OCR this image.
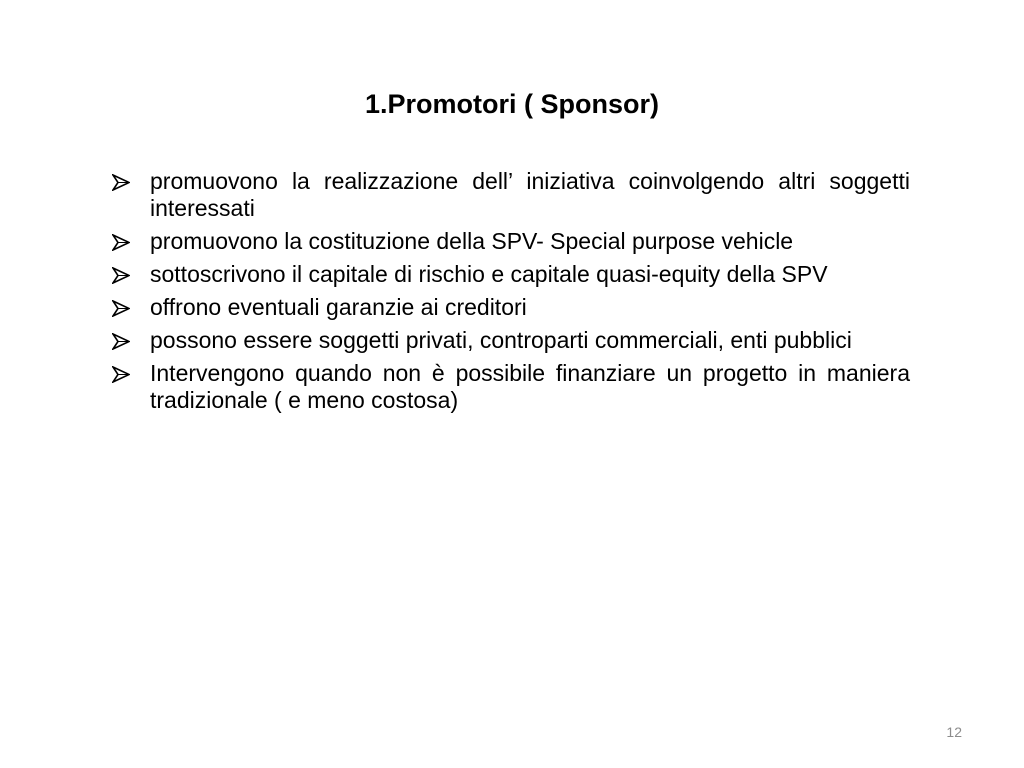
1.Promotori ( Sponsor)
promuovono la realizzazione dell’ iniziativa coinvolgendo altri soggetti interessati
promuovono la costituzione della SPV- Special purpose vehicle
sottoscrivono il capitale di rischio e capitale quasi-equity della SPV
offrono eventuali garanzie ai creditori
possono essere soggetti privati, controparti commerciali, enti pubblici
Intervengono quando non è possibile finanziare un progetto in maniera tradizionale ( e meno costosa)
12
